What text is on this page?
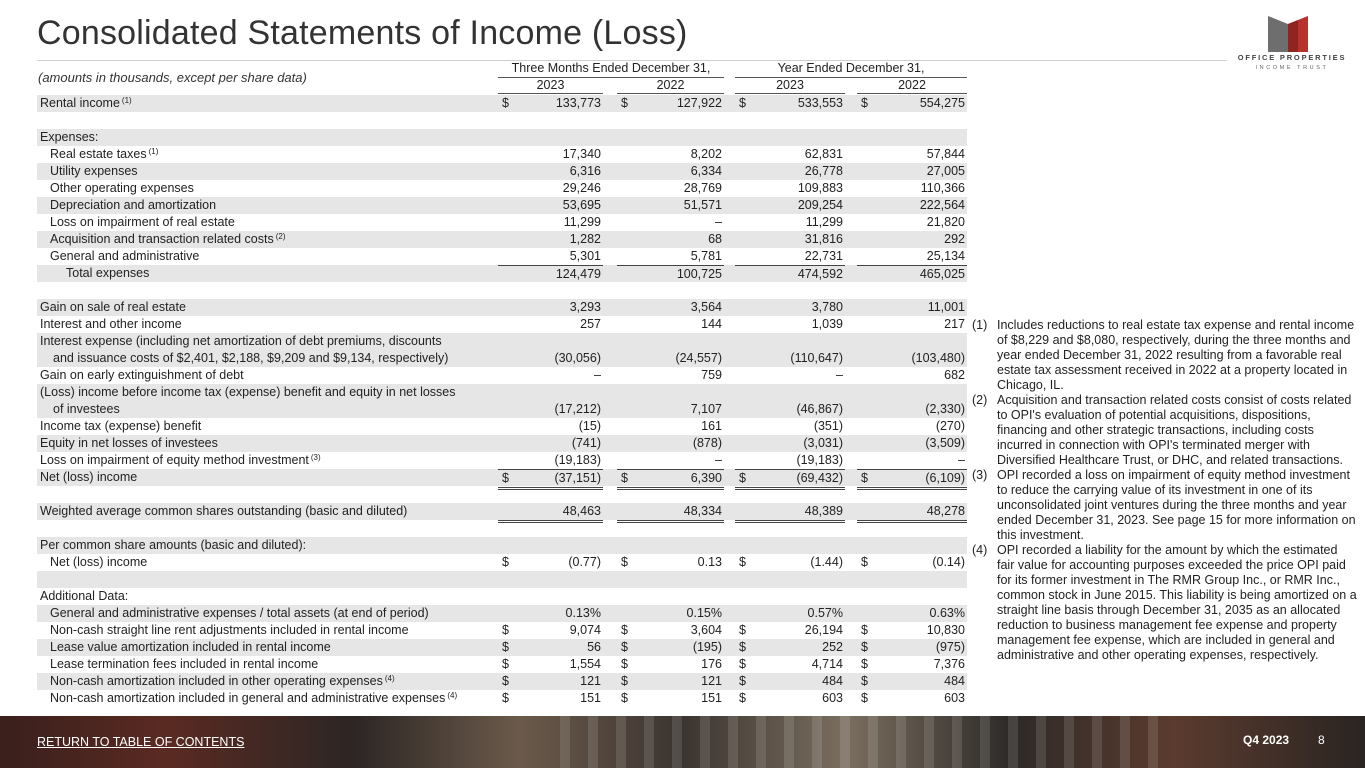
Consolidated Statements of Income (Loss)
OFFICE PROPERTIES
INCOME TRUST
(amounts in thousands, except per share data)
Three Months Ended December 31,	Year Ended December 31,
2023	2022	2023	2022
Rental income $^{(1)}$	$	133,773 $	127,922 $	533,553 $	554,275
Expenses:
Real estate taxes $^{(1)}$	17,340	8,202	62,831	57,844
Utility expenses	6,316	6,334	26,778	27,005
Other operating expenses	29,246	28,769	109,883	110,366
Depreciation and amortization	53,695	51,571	209,254	222,564
Loss on impairment of real estate	11,299	–	11,299	21,820
Acquisition and transaction related costs $^{(2)}$	1,282	68	31,816	292
General and administrative	5,301	5,781	22,731	25,134
Total expenses	124,479	100,725	474,592	465,025
Gain on sale of real estate	3,293	3,564	3,780	11,001
Interest and other income	257	144	1,039	217
Interest expense (including net amortization of debt premiums, discounts
and issuance costs of $2,401, $2,188, $9,209 and $9,134, respectively)	(30,056)	(24,557)	(110,647)	(103,480)
Gain on early extinguishment of debt	–	759	–	682
(Loss) income before income tax (expense) benefit and equity in net losses
of investees	(17,212)	7,107	(46,867)	(2,330)
Income tax (expense) benefit	(15)	161	(351)	(270)
Equity in net losses of investees	(741)	(878)	(3,031)	(3,509)
Loss on impairment of equity method investment $^{(3)}$	(19,183)	–	(19,183)	–
Net (loss) income	$	(37,151) $	6,390 $	(69,432) $	(6,109)
Weighted average common shares outstanding (basic and diluted)	48,463	48,334	48,389	48,278
Per common share amounts (basic and diluted):
Net (loss) income	$	(0.77) $	0.13 $	(1.44) $	(0.14)
Additional Data:
General and administrative expenses / total assets (at end of period)	0.13%	0.15%	0.57%	0.63%
Non-cash straight line rent adjustments included in rental income	$	9,074 $	3,604 $	26,194 $	10,830
Lease value amortization included in rental income	$	56 $	(195) $	252 $	(975)
Lease termination fees included in rental income	$	1,554 $	176 $	4,714 $	7,376
Non-cash amortization included in other operating expenses $^{(4)}$	$	121 $	121 $	484 $	484
Non-cash amortization included in general and administrative expenses $^{(4)}$	$	151 $	151 $	603 $	603
(1) Includes reductions to real estate tax expense and rental income of $8,229 and $8,080, respectively, during the three months and year ended December 31, 2022 resulting from a favorable real estate tax assessment received in 2022 at a property located in Chicago, IL.
(2) Acquisition and transaction related costs consist of costs related to OPI's evaluation of potential acquisitions, dispositions, financing and other strategic transactions, including costs incurred in connection with OPI's terminated merger with Diversified Healthcare Trust, or DHC, and related transactions.
(3) OPI recorded a loss on impairment of equity method investment to reduce the carrying value of its investment in one of its unconsolidated joint ventures during the three months and year ended December 31, 2023. See page 15 for more information on this investment.
(4) OPI recorded a liability for the amount by which the estimated fair value for accounting purposes exceeded the price OPI paid for its former investment in The RMR Group Inc., or RMR Inc., common stock in June 2015. This liability is being amortized on a straight line basis through December 31, 2035 as an allocated reduction to business management fee expense and property management fee expense, which are included in general and administrative and other operating expenses, respectively.
RETURN TO TABLE OF CONTENTS	Q4 2023 8
